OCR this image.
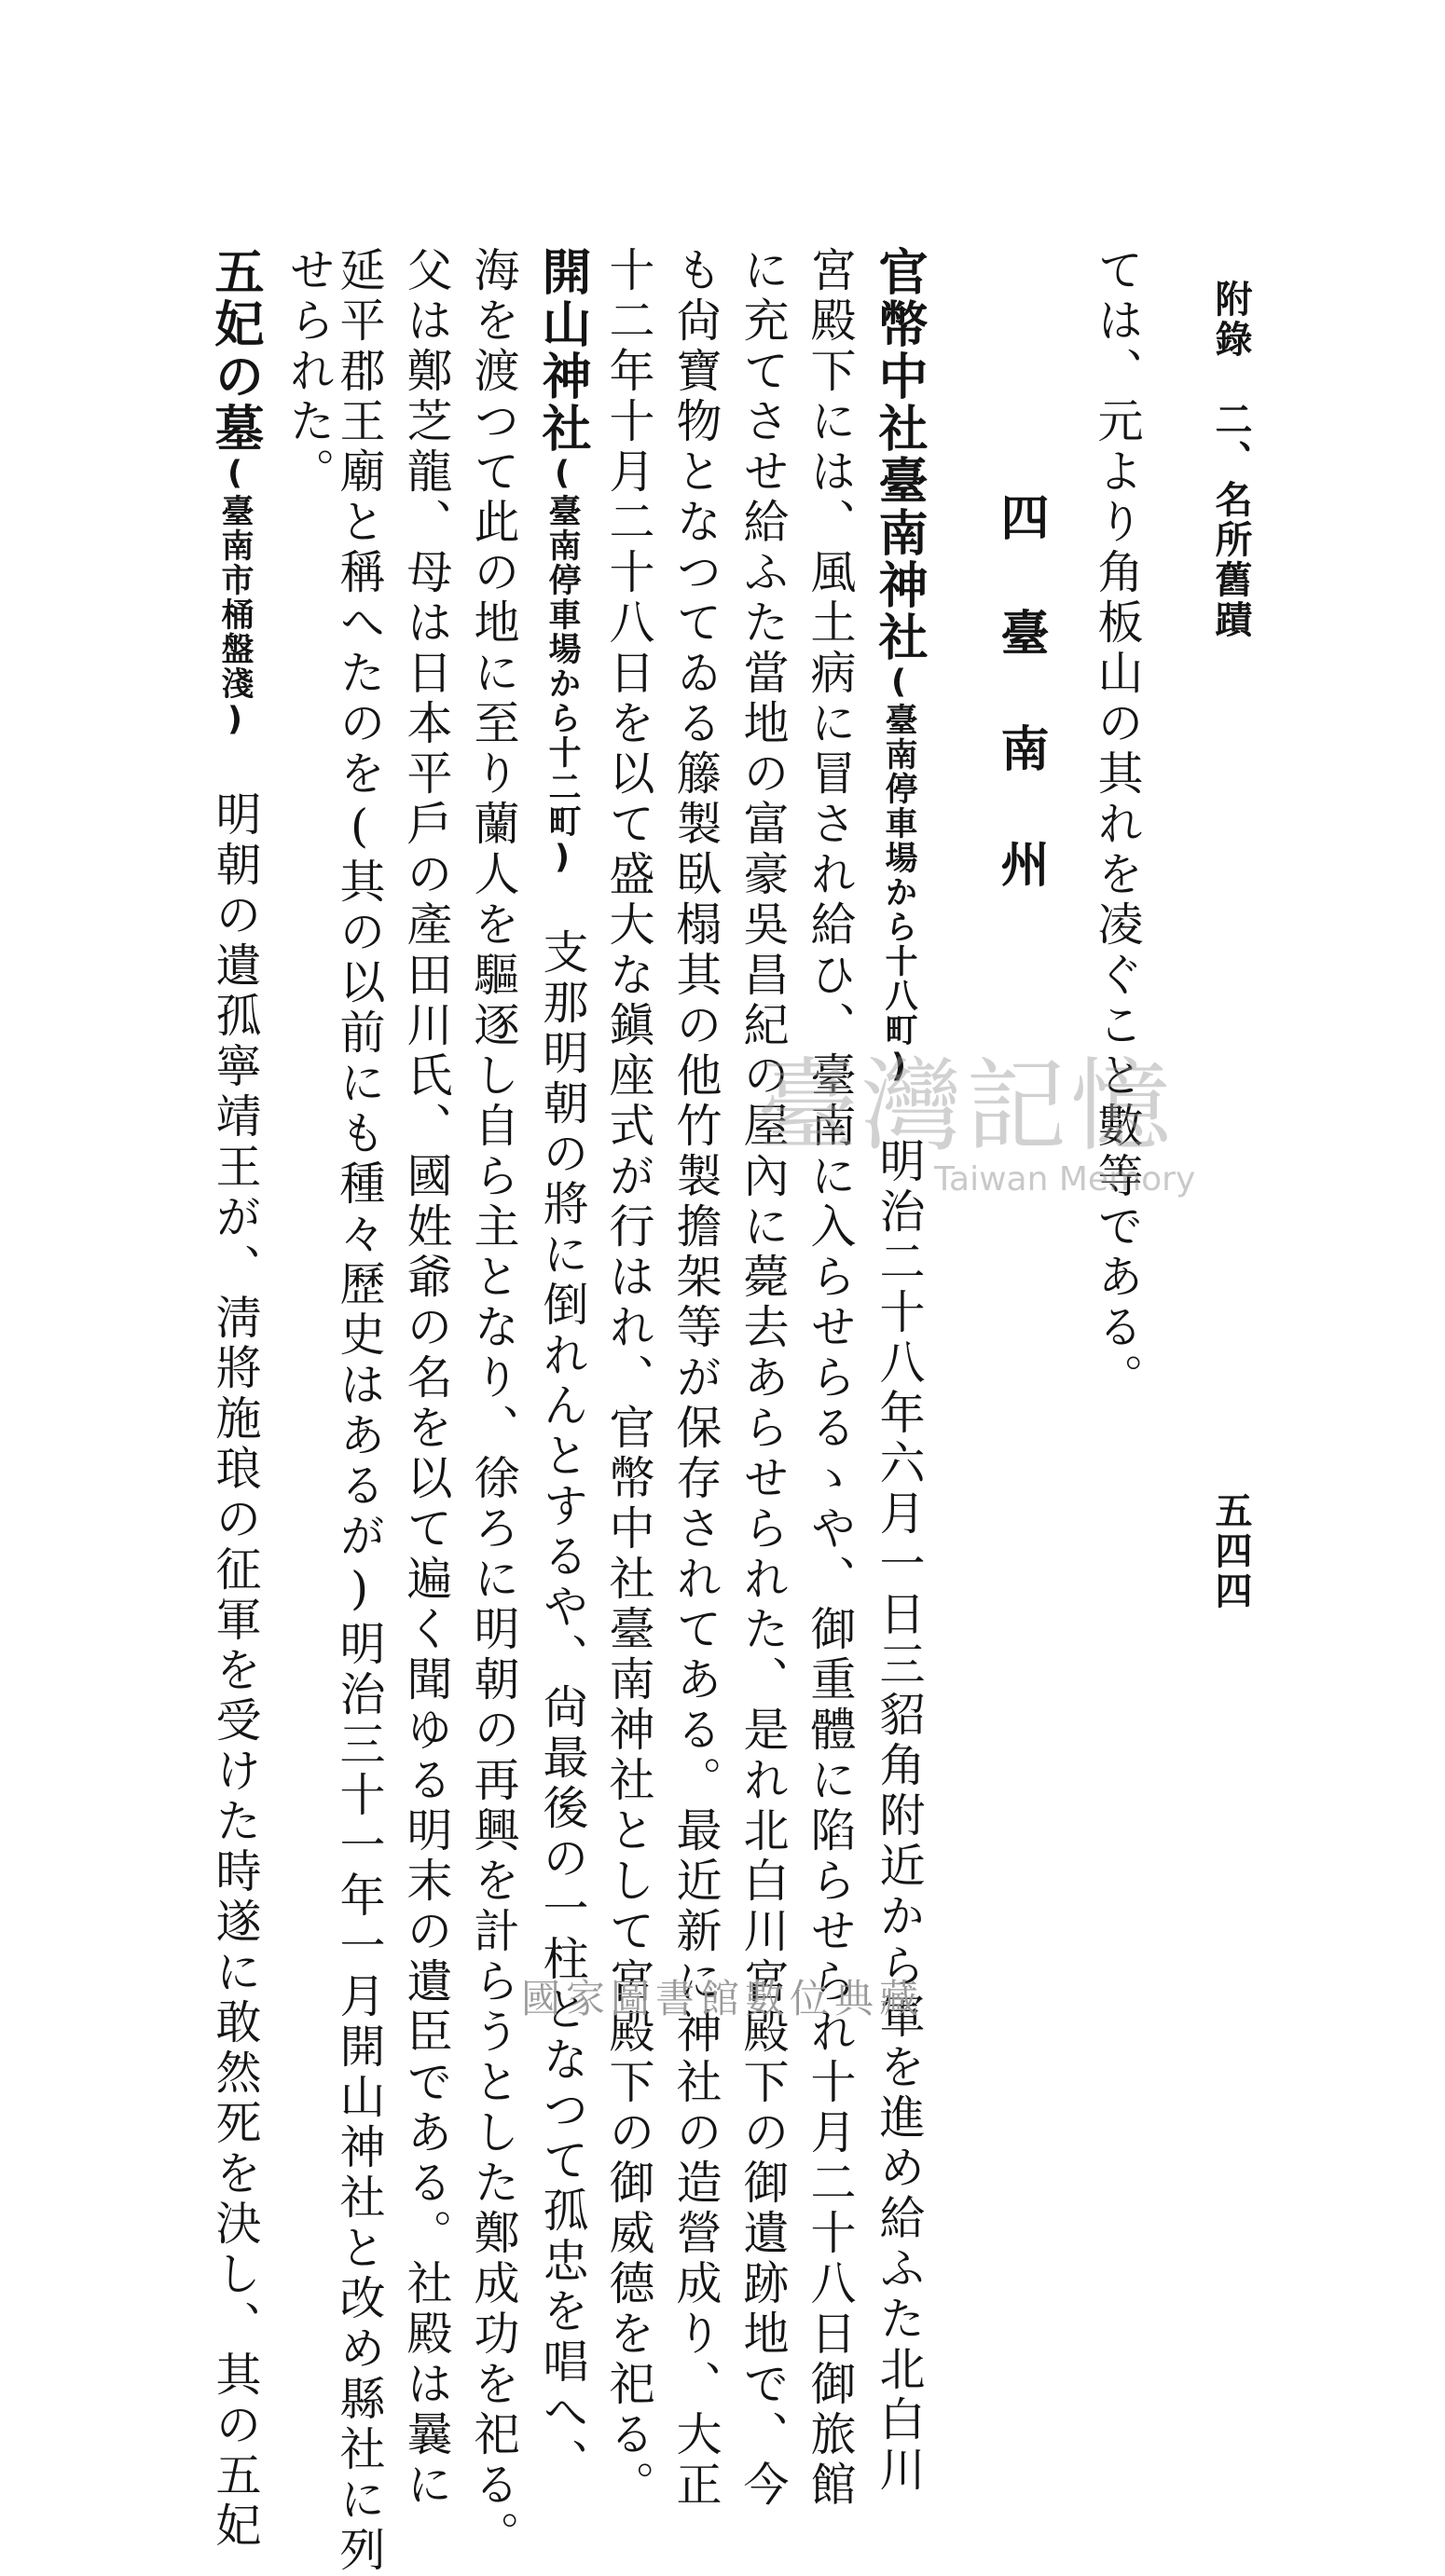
附錄　二、名所舊蹟
五四四
四臺南州 ては、元より角板山の其れを凌ぐこと數等である。
官幣中社臺南神社(臺南停車場から十八町)　明治二十八年六月一日三貂角附近から軍を進め給ふた北白川
宮殿下には、風土病に冒され給ひ、臺南に入らせらるゝや、御重體に陷らせられ十月二十八日御旅館
に充てさせ給ふた當地の富豪吳昌紀の屋內に薨去あらせられた、是れ北白川宮殿下の御遺跡地で、今
も尙寶物となつてゐる籐製臥榻其の他竹製擔架等が保存されてある。最近新に神社の造營成り、大正
十二年十月二十八日を以て盛大な鎭座式が行はれ、官幣中社臺南神社として宮殿下の御威德を祀る。
開山神社(臺南停車場から十二町)　支那明朝の將に倒れんとするや、尙最後の一柱となつて孤忠を唱へ、
海を渡つて此の地に至り蘭人を驅逐し自ら主となり、徐ろに明朝の再興を計らうとした鄭成功を祀る。
父は鄭芝龍、母は日本平戶の產田川氏、國姓爺の名を以て遍く聞ゆる明末の遺臣である。社殿は曩に
延平郡王廟と稱へたのを(其の以前にも種々歷史はあるが)明治三十一年一月開山神社と改め縣社に列
せられた。
五妃の墓(臺南市桶盤淺)　明朝の遺孤寧靖王が、淸將施琅の征軍を受けた時遂に敢然死を決し、其の五妃	臺灣記憶
Taiwan Memory
國家圖書館數位典藏
